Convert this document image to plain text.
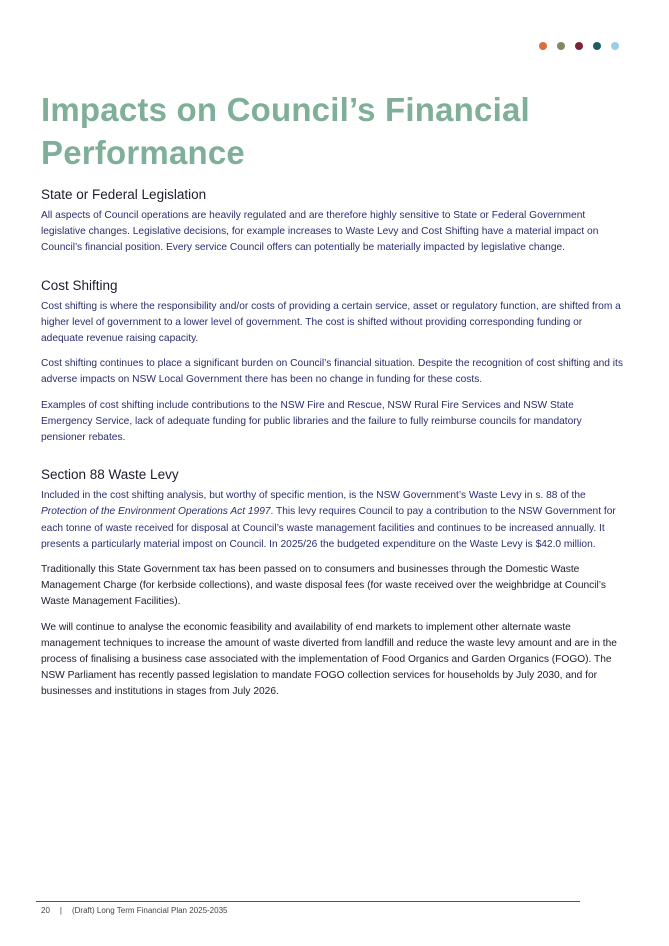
Impacts on Council’s Financial Performance
State or Federal Legislation

All aspects of Council operations are heavily regulated and are therefore highly sensitive to State or Federal Government legislative changes. Legislative decisions, for example increases to Waste Levy and Cost Shifting have a material impact on Council’s financial position. Every service Council offers can potentially be materially impacted by legislative change.

Cost Shifting

Cost shifting is where the responsibility and/or costs of providing a certain service, asset or regulatory function, are shifted from a higher level of government to a lower level of government. The cost is shifted without providing corresponding funding or adequate revenue raising capacity.

Cost shifting continues to place a significant burden on Council’s financial situation. Despite the recognition of cost shifting and its adverse impacts on NSW Local Government there has been no change in funding for these costs.

Examples of cost shifting include contributions to the NSW Fire and Rescue, NSW Rural Fire Services and NSW State Emergency Service, lack of adequate funding for public libraries and the failure to fully reimburse councils for mandatory pensioner rebates.

Section 88 Waste Levy

Included in the cost shifting analysis, but worthy of specific mention, is the NSW Government’s Waste Levy in s. 88 of the Protection of the Environment Operations Act 1997. This levy requires Council to pay a contribution to the NSW Government for each tonne of waste received for disposal at Council’s waste management facilities and continues to be increased annually. It presents a particularly material impost on Council. In 2025/26 the budgeted expenditure on the Waste Levy is $42.0 million.

Traditionally this State Government tax has been passed on to consumers and businesses through the Domestic Waste Management Charge (for kerbside collections), and waste disposal fees (for waste received over the weighbridge at Council’s Waste Management Facilities).

We will continue to analyse the economic feasibility and availability of end markets to implement other alternate waste management techniques to increase the amount of waste diverted from landfill and reduce the waste levy amount and are in the process of finalising a business case associated with the implementation of Food Organics and Garden Organics (FOGO). The NSW Parliament has recently passed legislation to mandate FOGO collection services for households by July 2030, and for businesses and institutions in stages from July 2026.

20 | (Draft) Long Term Financial Plan 2025-2035
